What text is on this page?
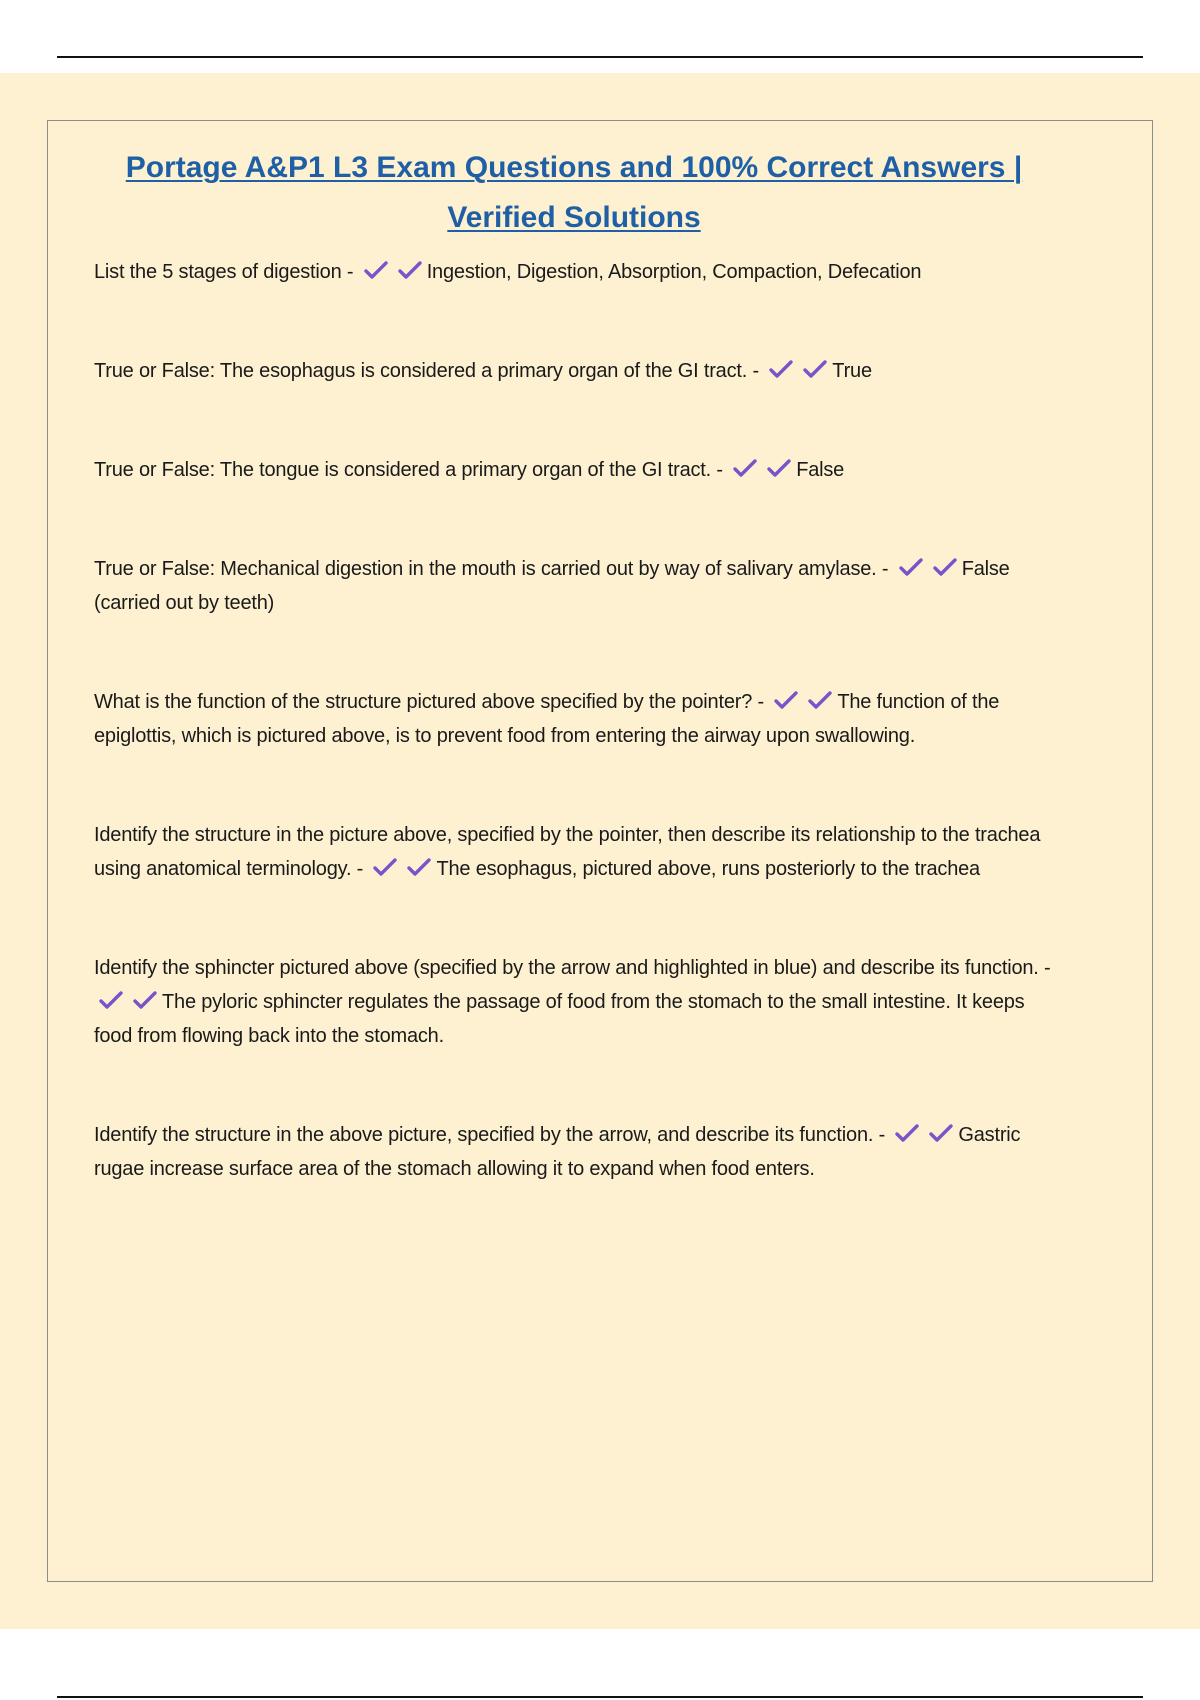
Portage A&P1 L3 Exam Questions and 100% Correct Answers | Verified Solutions
List the 5 stages of digestion -	Ingestion, Digestion, Absorption, Compaction, Defecation
True or False: The esophagus is considered a primary organ of the GI tract. -	True
True or False: The tongue is considered a primary organ of the GI tract. -	False
True or False: Mechanical digestion in the mouth is carried out by way of salivary amylase. -	False (carried out by teeth)
What is the function of the structure pictured above specified by the pointer? -	The function of the epiglottis, which is pictured above, is to prevent food from entering the airway upon swallowing.
Identify the structure in the picture above, specified by the pointer, then describe its relationship to the trachea using anatomical terminology. -	The esophagus, pictured above, runs posteriorly to the trachea
Identify the sphincter pictured above (specified by the arrow and highlighted in blue) and describe its function. -
The pyloric sphincter regulates the passage of food from the stomach to the small intestine. It keeps food from flowing back into the stomach.
Identify the structure in the above picture, specified by the arrow, and describe its function. -	Gastric rugae increase surface area of the stomach allowing it to expand when food enters.
